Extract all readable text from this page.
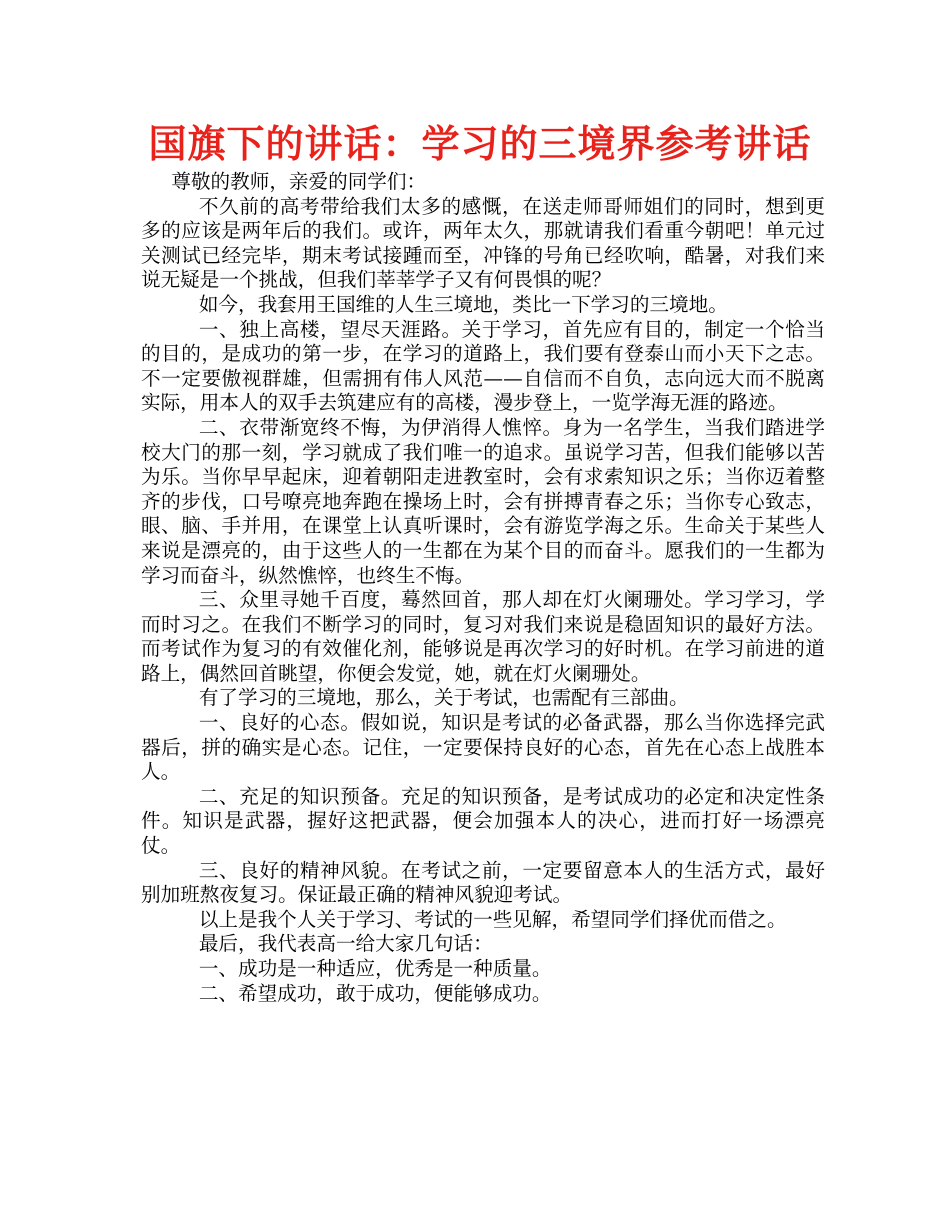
国旗下的讲话：学习的三境界参考讲话

尊敬的教师，亲爱的同学们：

不久前的高考带给我们太多的感慨，在送走师哥师姐们的同时，想到更多的应该是两年后的我们。或许，两年太久，那就请我们看重今朝吧！单元过关测试已经完毕，期末考试接踵而至，冲锋的号角已经吹响，酷暑，对我们来说无疑是一个挑战，但我们莘莘学子又有何畏惧的呢？

如今，我套用王国维的人生三境地，类比一下学习的三境地。

一、独上高楼，望尽天涯路。关于学习，首先应有目的，制定一个恰当的目的，是成功的第一步，在学习的道路上，我们要有登泰山而小天下之志。不一定要傲视群雄，但需拥有伟人风范——自信而不自负，志向远大而不脱离实际，用本人的双手去筑建应有的高楼，漫步登上，一览学海无涯的路迹。

二、衣带渐宽终不悔，为伊消得人憔悴。身为一名学生，当我们踏进学校大门的那一刻，学习就成了我们唯一的追求。虽说学习苦，但我们能够以苦为乐。当你早早起床，迎着朝阳走进教室时，会有求索知识之乐；当你迈着整齐的步伐，口号嘹亮地奔跑在操场上时，会有拼搏青春之乐；当你专心致志，眼、脑、手并用，在课堂上认真听课时，会有游览学海之乐。生命关于某些人来说是漂亮的，由于这些人的一生都在为某个目的而奋斗。愿我们的一生都为学习而奋斗，纵然憔悴，也终生不悔。

三、众里寻她千百度，蓦然回首，那人却在灯火阑珊处。学习学习，学而时习之。在我们不断学习的同时，复习对我们来说是稳固知识的最好方法。而考试作为复习的有效催化剂，能够说是再次学习的好时机。在学习前进的道路上，偶然回首眺望，你便会发觉，她，就在灯火阑珊处。

有了学习的三境地，那么，关于考试，也需配有三部曲。

一、良好的心态。假如说，知识是考试的必备武器，那么当你选择完武器后，拼的确实是心态。记住，一定要保持良好的心态，首先在心态上战胜本人。

二、充足的知识预备。充足的知识预备，是考试成功的必定和决定性条件。知识是武器，握好这把武器，便会加强本人的决心，进而打好一场漂亮仗。

三、良好的精神风貌。在考试之前，一定要留意本人的生活方式，最好别加班熬夜复习。保证最正确的精神风貌迎考试。

以上是我个人关于学习、考试的一些见解，希望同学们择优而借之。

最后，我代表高一给大家几句话：

一、成功是一种适应，优秀是一种质量。

二、希望成功，敢于成功，便能够成功。
